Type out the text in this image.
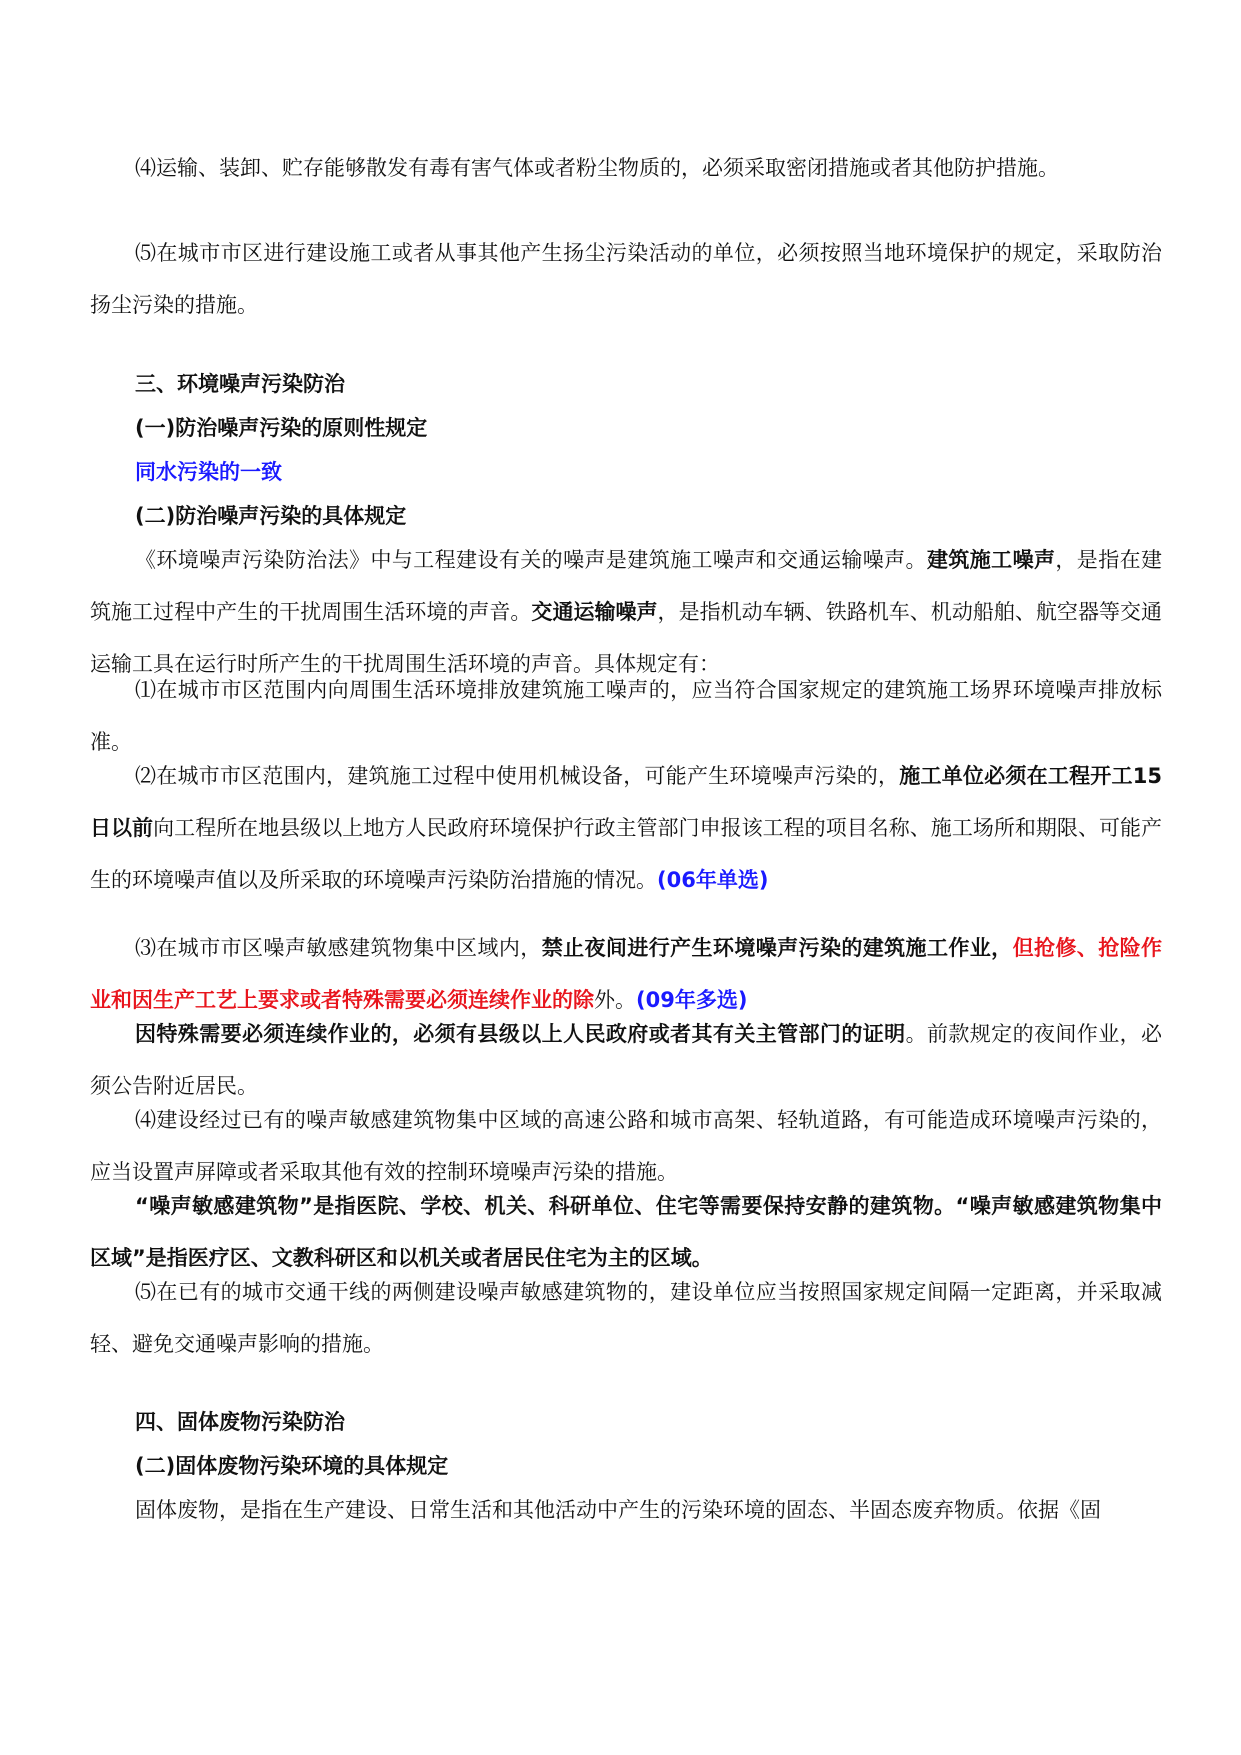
⑷运输、装卸、贮存能够散发有毒有害气体或者粉尘物质的，必须采取密闭措施或者其他防护措施。

⑸在城市市区进行建设施工或者从事其他产生扬尘污染活动的单位，必须按照当地环境保护的规定，采取防治扬尘污染的措施。

三、环境噪声污染防治

(一)防治噪声污染的原则性规定

同水污染的一致

(二)防治噪声污染的具体规定

《环境噪声污染防治法》中与工程建设有关的噪声是建筑施工噪声和交通运输噪声。建筑施工噪声，是指在建筑施工过程中产生的干扰周围生活环境的声音。交通运输噪声，是指机动车辆、铁路机车、机动船舶、航空器等交通运输工具在运行时所产生的干扰周围生活环境的声音。具体规定有：

⑴在城市市区范围内向周围生活环境排放建筑施工噪声的，应当符合国家规定的建筑施工场界环境噪声排放标准。

⑵在城市市区范围内，建筑施工过程中使用机械设备，可能产生环境噪声污染的，施工单位必须在工程开工15日以前向工程所在地县级以上地方人民政府环境保护行政主管部门申报该工程的项目名称、施工场所和期限、可能产生的环境噪声值以及所采取的环境噪声污染防治措施的情况。(06年单选)

⑶在城市市区噪声敏感建筑物集中区域内，禁止夜间进行产生环境噪声污染的建筑施工作业，但抢修、抢险作业和因生产工艺上要求或者特殊需要必须连续作业的除外。(09年多选)

因特殊需要必须连续作业的，必须有县级以上人民政府或者其有关主管部门的证明。前款规定的夜间作业，必须公告附近居民。

⑷建设经过已有的噪声敏感建筑物集中区域的高速公路和城市高架、轻轨道路，有可能造成环境噪声污染的，应当设置声屏障或者采取其他有效的控制环境噪声污染的措施。

“噪声敏感建筑物”是指医院、学校、机关、科研单位、住宅等需要保持安静的建筑物。“噪声敏感建筑物集中区域”是指医疗区、文教科研区和以机关或者居民住宅为主的区域。

⑸在已有的城市交通干线的两侧建设噪声敏感建筑物的，建设单位应当按照国家规定间隔一定距离，并采取减轻、避免交通噪声影响的措施。

四、固体废物污染防治

(二)固体废物污染环境的具体规定

固体废物，是指在生产建设、日常生活和其他活动中产生的污染环境的固态、半固态废弃物质。依据《固
